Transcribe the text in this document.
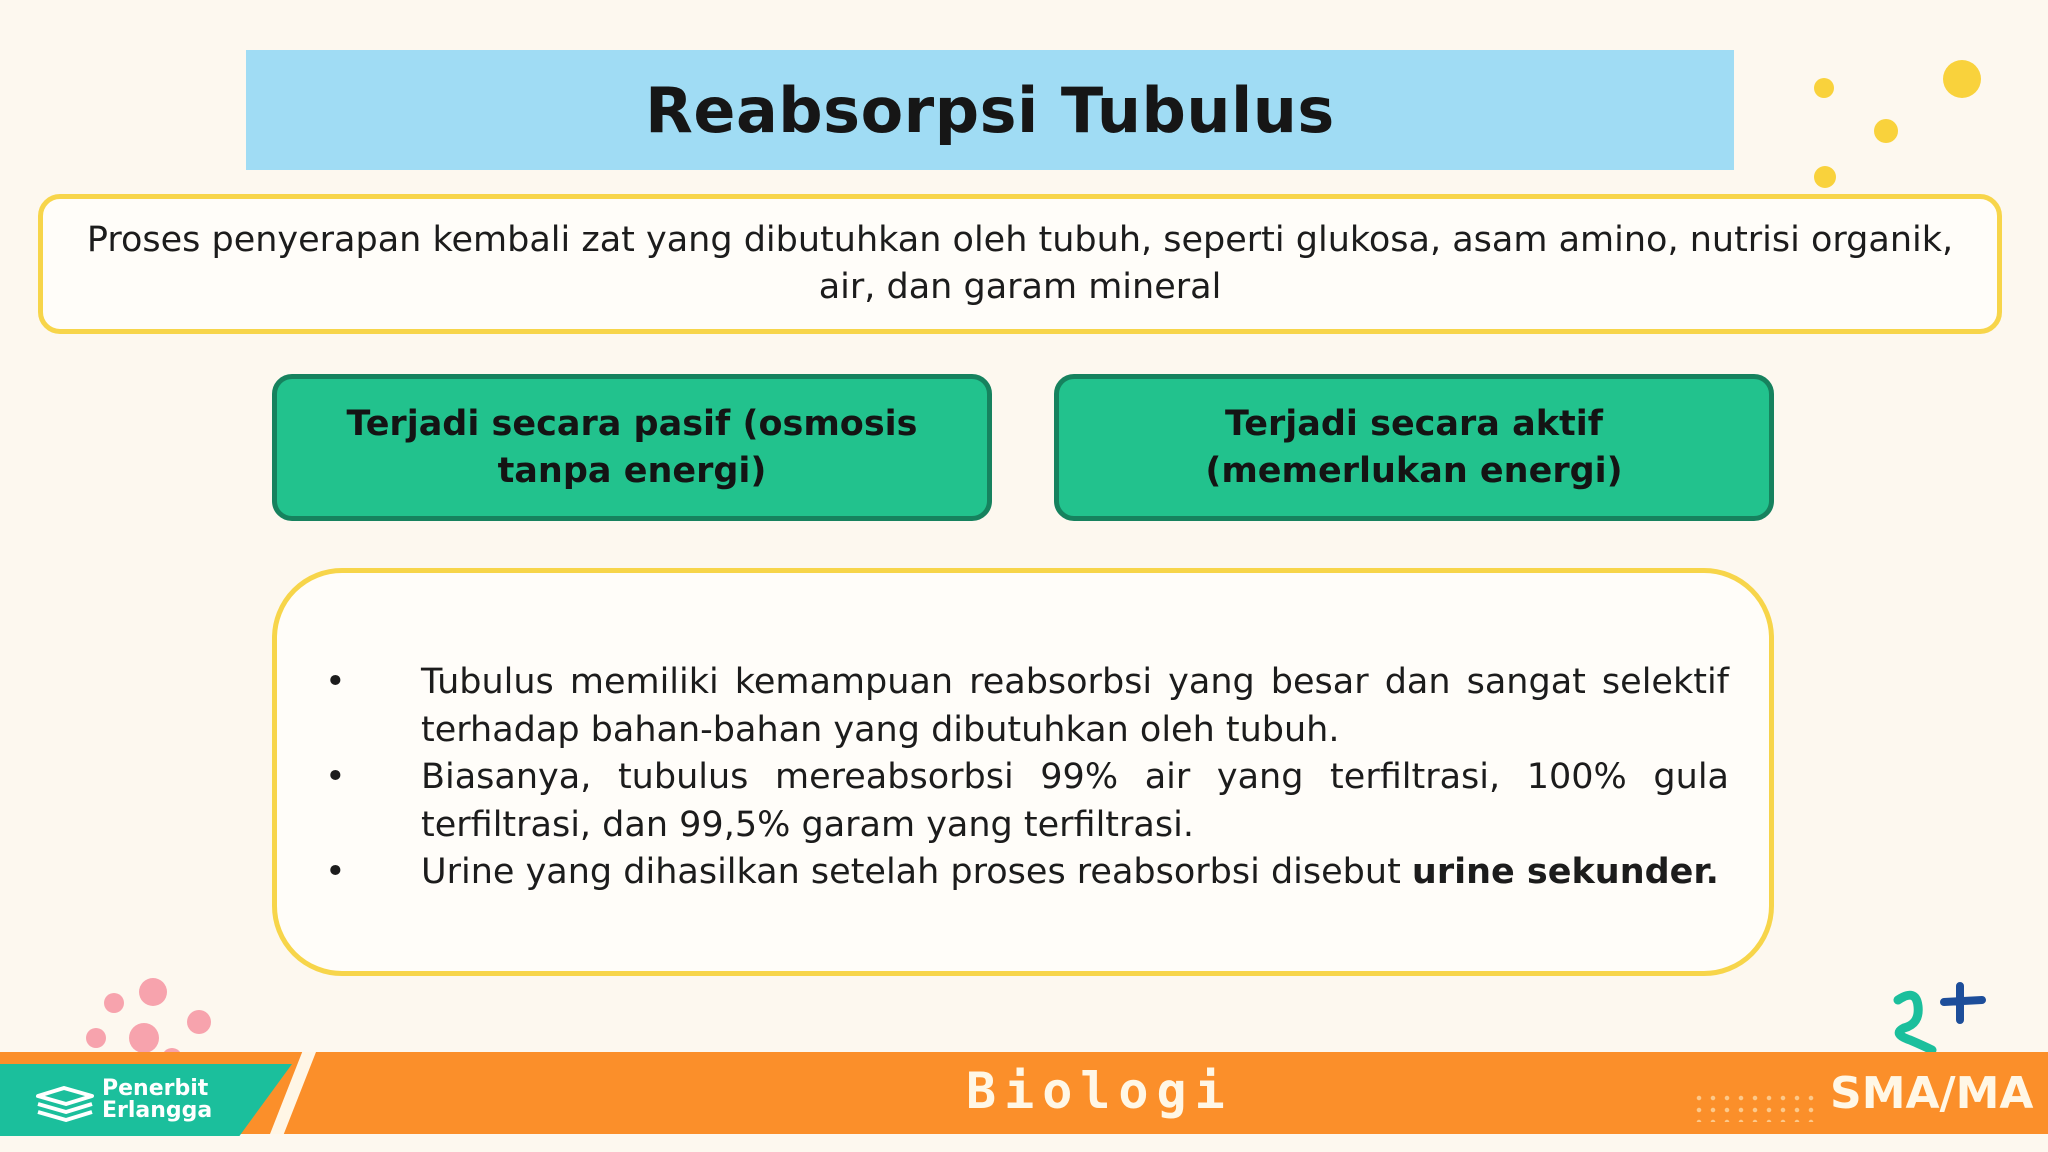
Reabsorpsi Tubulus

Proses penyerapan kembali zat yang dibutuhkan oleh tubuh, seperti glukosa, asam amino, nutrisi organik, air, dan garam mineral

Terjadi secara pasif (osmosis tanpa energi)
Terjadi secara aktif (memerlukan energi)
• Tubulus memiliki kemampuan reabsorbsi yang besar dan sangat selektif terhadap bahan-bahan yang dibutuhkan oleh tubuh.
• Biasanya, tubulus mereabsorbsi 99% air yang terfiltrasi, 100% gula terfiltrasi, dan 99,5% garam yang terfiltrasi.
• Urine yang dihasilkan setelah proses reabsorbsi disebut urine sekunder.
Penerbit
Erlangga	Biologi	SMA/MA
